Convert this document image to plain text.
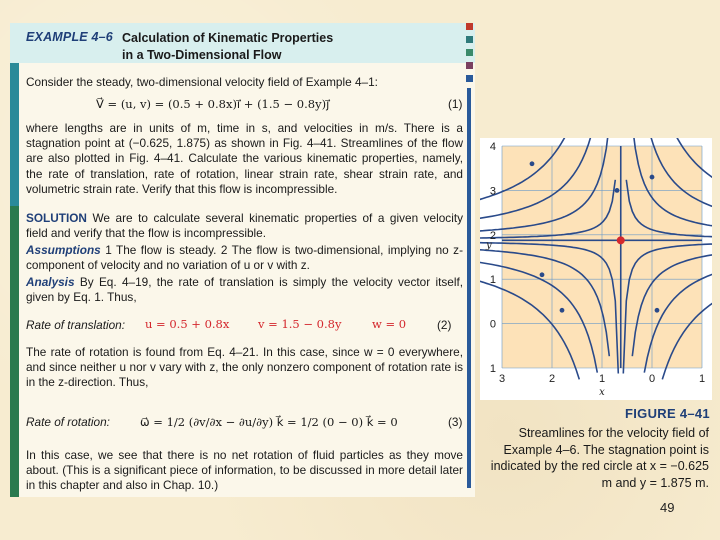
EXAMPLE 4–6 Calculation of Kinematic Properties
in a Two-Dimensional Flow
Consider the steady, two-dimensional velocity field of Example 4–1:
V⃗ = (u, v) = (0.5 + 0.8x)i⃗ + (1.5 − 0.8y)j⃗	(1)
where lengths are in units of m, time in s, and velocities in m/s. There is a stagnation point at (−0.625, 1.875) as shown in Fig. 4–41. Streamlines of the flow are also plotted in Fig. 4–41. Calculate the various kinematic properties, namely, the rate of translation, rate of rotation, linear strain rate, shear strain rate, and volumetric strain rate. Verify that this flow is incompressible.
SOLUTION We are to calculate several kinematic properties of a given velocity field and verify that the flow is incompressible.
Assumptions 1 The flow is steady. 2 The flow is two-dimensional, implying no z-component of velocity and no variation of u or v with z.
Analysis By Eq. 4–19, the rate of translation is simply the velocity vector itself, given by Eq. 1. Thus,
Rate of translation: u = 0.5 + 0.8x v = 1.5 − 0.8y	w = 0	(2)
The rate of rotation is found from Eq. 4–21. In this case, since w = 0 everywhere, and since neither u nor v vary with z, the only nonzero component of rotation rate is in the z-direction. Thus,
Rate of rotation:	ω⃗ = 1/2 (∂v/∂x − ∂u/∂y) k⃗ = 1/2 (0 − 0) k⃗ = 0	(3)
In this case, we see that there is no net rotation of fluid particles as they move about. (This is a significant piece of information, to be discussed in more detail later in this chapter and also in Chap. 10.)
4
3
2
1
0
1
3	2	1	0	1
x
y
FIGURE 4–41
Streamlines for the velocity field of Example 4–6. The stagnation point is indicated by the red circle at x = −0.625 m and y = 1.875 m.
49
